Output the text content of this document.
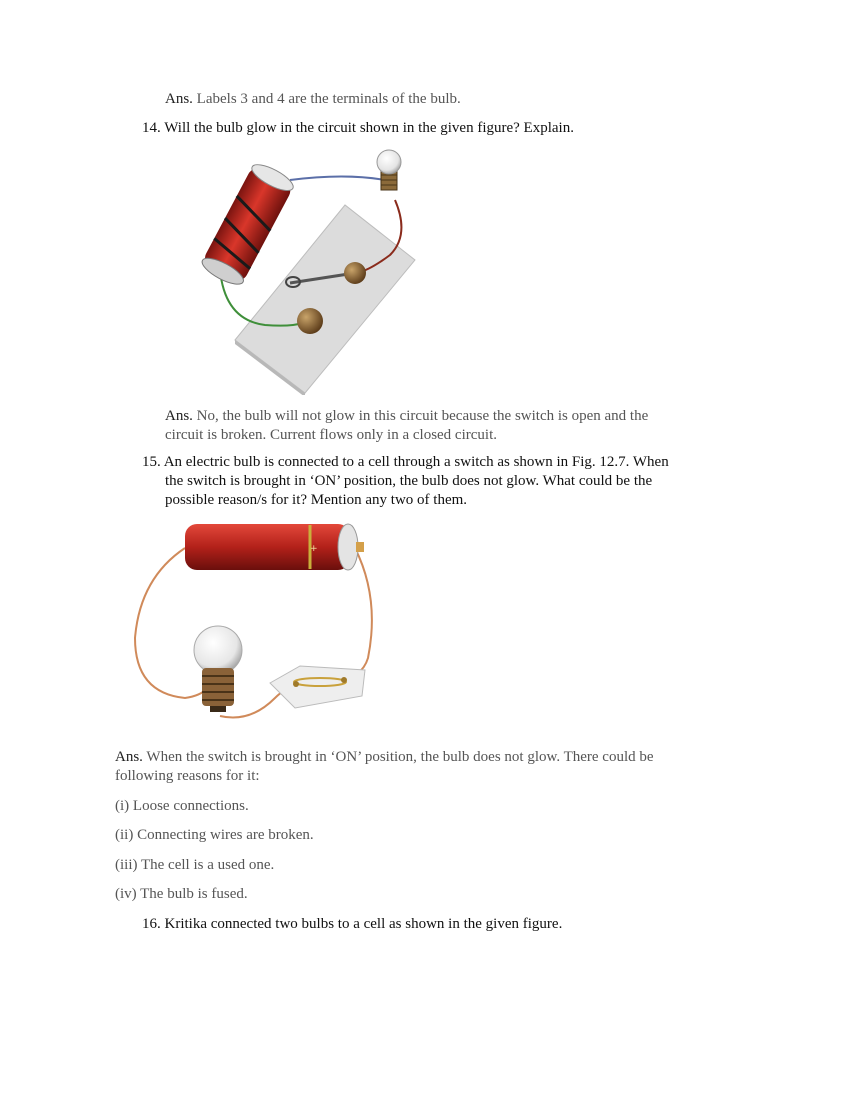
Ans. Labels 3 and 4 are the terminals of the bulb.
14. Will the bulb glow in the circuit shown in the given figure? Explain.
Ans. No, the bulb will not glow in this circuit because the switch is open and the
circuit is broken. Current flows only in a closed circuit.
15. An electric bulb is connected to a cell through a switch as shown in Fig. 12.7. When
the switch is brought in ‘ON’ position, the bulb does not glow. What could be the
possible reason/s for it? Mention any two of them.
+
Ans. When the switch is brought in ‘ON’ position, the bulb does not glow. There could be
following reasons for it:
(i) Loose connections.
(ii) Connecting wires are broken.
(iii) The cell is a used one.
(iv) The bulb is fused.
16. Kritika connected two bulbs to a cell as shown in the given figure.
